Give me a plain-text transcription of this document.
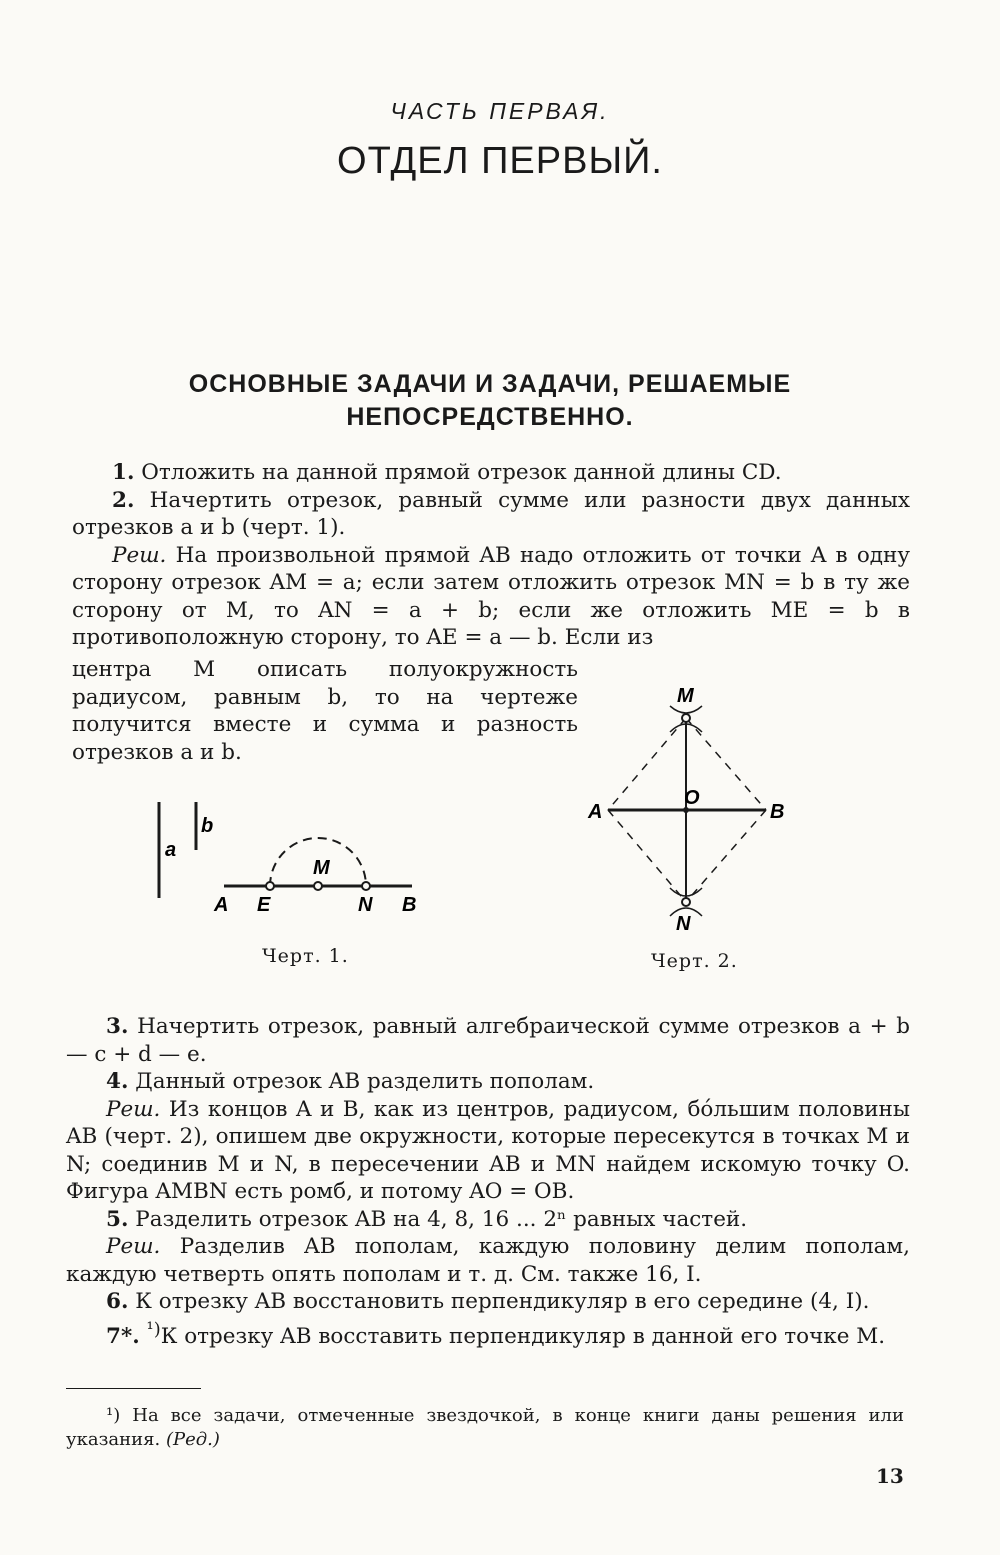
ЧАСТЬ ПЕРВАЯ.
ОТДЕЛ ПЕРВЫЙ.
ОСНОВНЫЕ ЗАДАЧИ И ЗАДАЧИ, РЕШАЕМЫЕ
НЕПОСРЕДСТВЕННО.

1. Отложить на данной прямой отрезок данной длины CD.

2. Начертить отрезок, равный сумме или разности двух данных отрезков a и b (черт. 1).

Реш. На произвольной прямой AB надо отложить от точки A в одну сторону отрезок AM = a; если затем отложить отрезок MN = b в ту же сторону от M, то AN = a + b; если же отложить ME = b в противоположную сторону, то AE = a — b. Если из

центра M описать полуокружность радиусом, равным b, то на чертеже получится вместе и сумма и разность отрезков a и b.

a
b
M
A E	N B
Черт. 1.
M
A
O
B
N
Черт. 2.

3. Начертить отрезок, равный алгебраической сумме отрезков a + b — c + d — e.

4. Данный отрезок AB разделить пополам.

Реш. Из концов A и B, как из центров, радиусом, бо́льшим половины AB (черт. 2), опишем две окружности, которые пересекутся в точках M и N; соединив M и N, в пересечении AB и MN найдем искомую точку O. Фигура AMBN есть ромб, и потому AO = OB.

5. Разделить отрезок AB на 4, 8, 16 ... 2ⁿ равных частей.

Реш. Разделив AB пополам, каждую половину делим пополам, каждую четверть опять пополам и т. д. См. также 16, I.

6. К отрезку AB восстановить перпендикуляр в его середине (4, I).

7*. $^{^1)}$К отрезку AB восставить перпендикуляр в данной его точке M.

¹) На все задачи, отмеченные звездочкой, в конце книги даны решения или указания. (Ред.)

13
